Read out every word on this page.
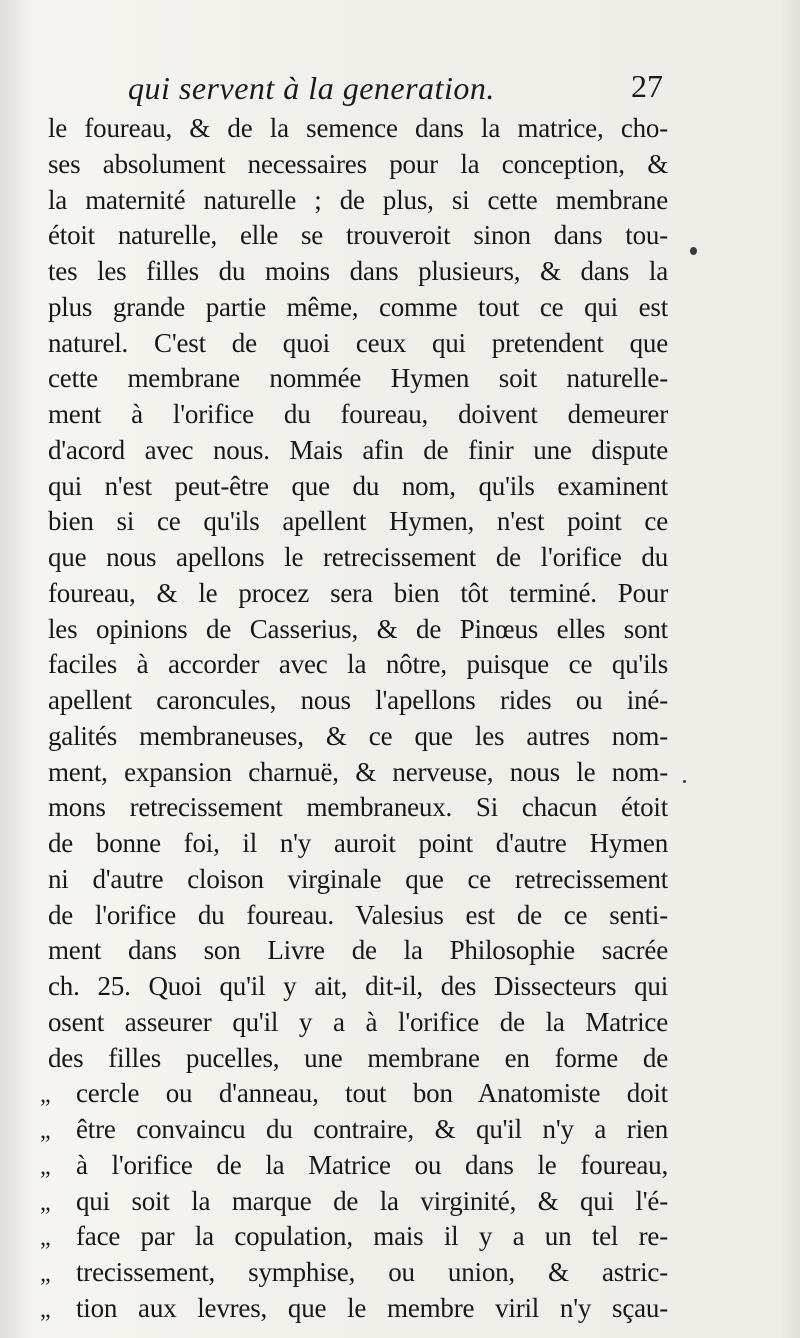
qui servent à la generation.	27
le foureau, & de la semence dans la matrice, cho-
ses absolument necessaires pour la conception, &
la maternité naturelle ; de plus, si cette membrane
étoit naturelle, elle se trouveroit sinon dans tou-
tes les filles du moins dans plusieurs, & dans la
plus grande partie même, comme tout ce qui est
naturel. C'est de quoi ceux qui pretendent que
cette membrane nommée Hymen soit naturelle-
ment à l'orifice du foureau, doivent demeurer
d'acord avec nous. Mais afin de finir une dispute
qui n'est peut-être que du nom, qu'ils examinent
bien si ce qu'ils apellent Hymen, n'est point ce
que nous apellons le retrecissement de l'orifice du
foureau, & le procez sera bien tôt terminé. Pour
les opinions de Casserius, & de Pinœus elles sont
faciles à accorder avec la nôtre, puisque ce qu'ils
apellent caroncules, nous l'apellons rides ou iné-
galités membraneuses, & ce que les autres nom-
ment, expansion charnuë, & nerveuse, nous le nom-
mons retrecissement membraneux. Si chacun étoit
de bonne foi, il n'y auroit point d'autre Hymen
ni d'autre cloison virginale que ce retrecissement
de l'orifice du foureau. Valesius est de ce senti-
ment dans son Livre de la Philosophie sacrée
ch. 25. Quoi qu'il y ait, dit-il, des Dissecteurs qui
osent asseurer qu'il y a à l'orifice de la Matrice
des filles pucelles, une membrane en forme de
„ cercle ou d'anneau, tout bon Anatomiste doit
„ être convaincu du contraire, & qu'il n'y a rien
„ à l'orifice de la Matrice ou dans le foureau,
„ qui soit la marque de la virginité, & qui l'é-
„ face par la copulation, mais il y a un tel re-
„ trecissement, symphise, ou union, & astric-
„ tion aux levres, que le membre viril n'y sçau-
